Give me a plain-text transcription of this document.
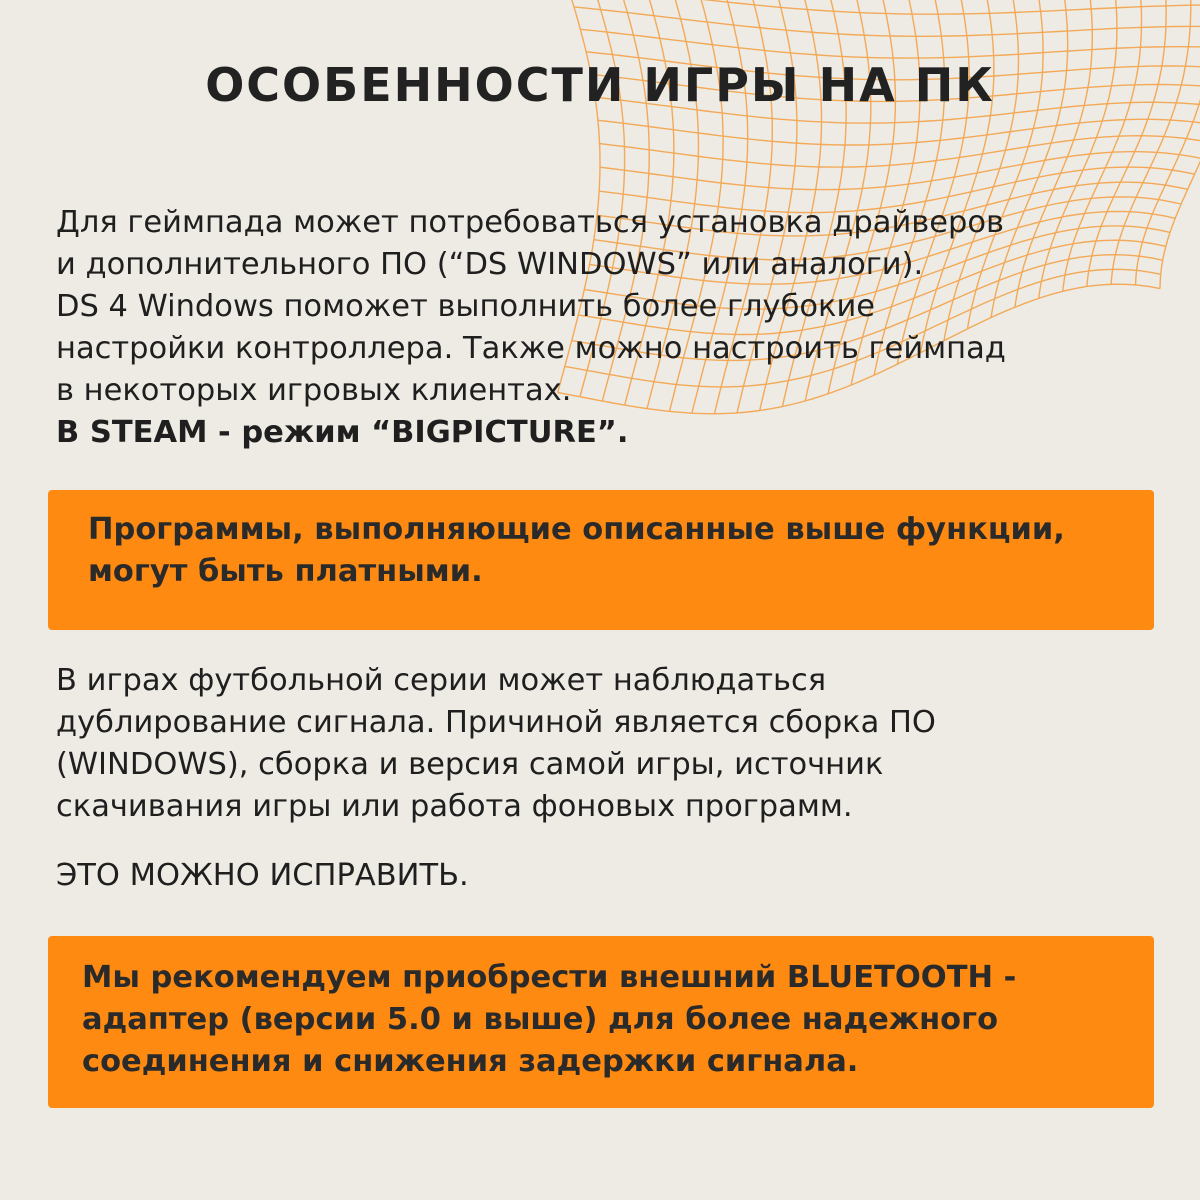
ОСОБЕННОСТИ ИГРЫ НА ПК
Для геймпада может потребоваться установка драйверов
и дополнительного ПО (“DS WINDOWS” или аналоги).
DS 4 Windows поможет выполнить более глубокие
настройки контроллера. Также можно настроить геймпад
в некоторых игровых клиентах.
B STEAM - режим “BIGPICTURE”.
Программы, выполняющие описанные выше функции,
могут быть платными.
В играх футбольной серии может наблюдаться
дублирование сигнала. Причиной является сборка ПО
(WINDOWS), сборка и версия самой игры, источник
скачивания игры или работа фоновых программ.
ЭТО МОЖНО ИСПРАВИТЬ.
Мы рекомендуем приобрести внешний BLUETOOTH -
адаптер (версии 5.0 и выше) для более надежного
соединения и снижения задержки сигнала.
